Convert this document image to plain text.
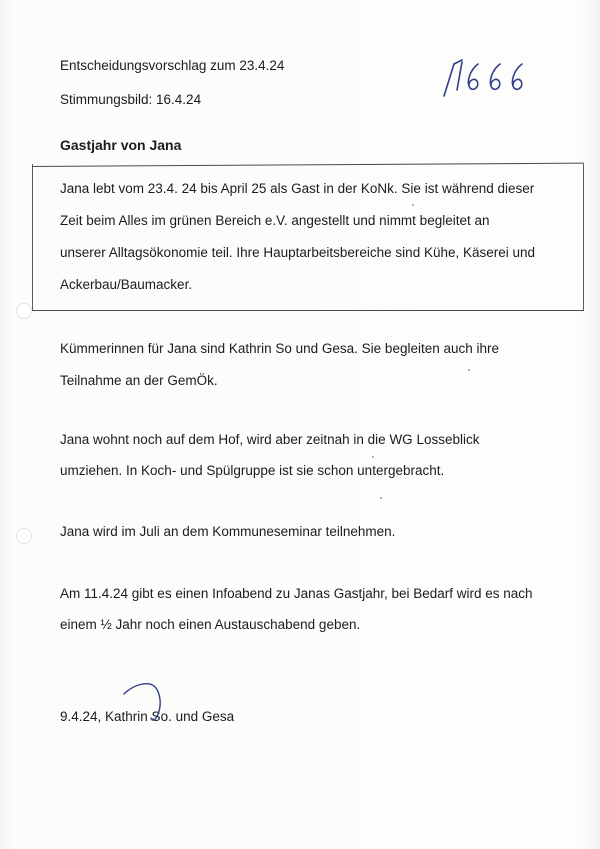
Entscheidungsvorschlag zum 23.4.24

Stimmungsbild: 16.4.24

Gastjahr von Jana

Jana lebt vom 23.4. 24 bis April 25 als Gast in der KoNk. Sie ist während dieser

Zeit beim Alles im grünen Bereich e.V. angestellt und nimmt begleitet an

unserer Alltagsökonomie teil. Ihre Hauptarbeitsbereiche sind Kühe, Käserei und

Ackerbau/Baumacker.

Kümmerinnen für Jana sind Kathrin So und Gesa. Sie begleiten auch ihre

Teilnahme an der GemÖk.

Jana wohnt noch auf dem Hof, wird aber zeitnah in die WG Losseblick

umziehen. In Koch- und Spülgruppe ist sie schon untergebracht.

Jana wird im Juli an dem Kommuneseminar teilnehmen.

Am 11.4.24 gibt es einen Infoabend zu Janas Gastjahr, bei Bedarf wird es nach

einem ½ Jahr noch einen Austauschabend geben.

9.4.24, Kathrin So. und Gesa
